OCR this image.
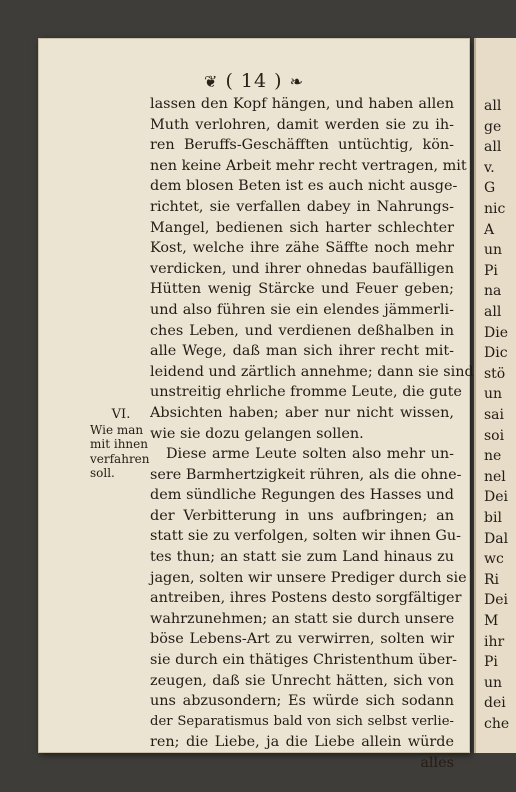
❦ ( 14 ) ❧
VI.
Wie man
mit ihnen
verfahren
soll.
lassen den Kopf hängen, und haben allen
Muth verlohren, damit werden sie zu ih-
ren Beruffs-Geschäfften untüchtig, kön-
nen keine Arbeit mehr recht vertragen, mit
dem blosen Beten ist es auch nicht ausge-
richtet, sie verfallen dabey in Nahrungs-
Mangel, bedienen sich harter schlechter
Kost, welche ihre zähe Säffte noch mehr
verdicken, und ihrer ohnedas baufälligen
Hütten wenig Stärcke und Feuer geben;
und also führen sie ein elendes jämmerli-
ches Leben, und verdienen deßhalben in
alle Wege, daß man sich ihrer recht mit-
leidend und zärtlich annehme; dann sie sind
unstreitig ehrliche fromme Leute, die gute
Absichten haben; aber nur nicht wissen,
wie sie dozu gelangen sollen.
Diese arme Leute solten also mehr un-
sere Barmhertzigkeit rühren, als die ohne-
dem sündliche Regungen des Hasses und
der Verbitterung in uns aufbringen; an
statt sie zu verfolgen, solten wir ihnen Gu-
tes thun; an statt sie zum Land hinaus zu
jagen, solten wir unsere Prediger durch sie
antreiben, ihres Postens desto sorgfältiger
wahrzunehmen; an statt sie durch unsere
böse Lebens-Art zu verwirren, solten wir
sie durch ein thätiges Christenthum über-
zeugen, daß sie Unrecht hätten, sich von
uns abzusondern; Es würde sich sodann
der Separatismus bald von sich selbst verlie-
ren; die Liebe, ja die Liebe allein würde
alles
all
ge
all
v.
G
nic
A
un
Pi
na
all
Die
Dic
stö
un
sai
soi
ne
nel
Dei
bil
Dal
wc
Ri
Dei
M
ihr
Pi
un
dei
che
